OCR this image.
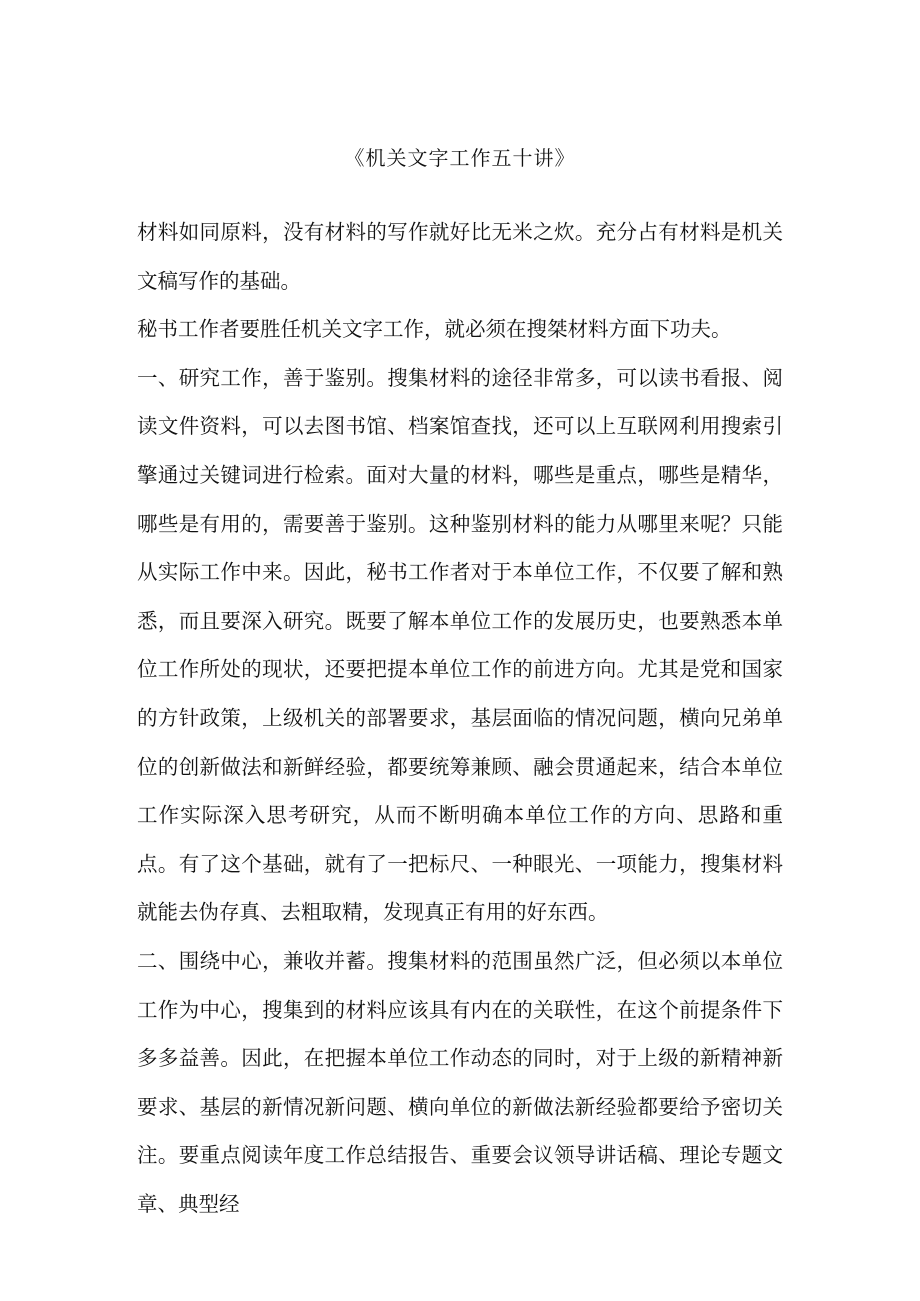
《机关文字工作五十讲》

材料如同原料，没有材料的写作就好比无米之炊。充分占有材料是机关文稿写作的基础。

秘书工作者要胜任机关文字工作，就必须在搜桀材料方面下功夫。

一、研究工作，善于鉴别。搜集材料的途径非常多，可以读书看报、阅读文件资料，可以去图书馆、档案馆查找，还可以上互联网利用搜索引擎通过关键词进行检索。面对大量的材料，哪些是重点，哪些是精华，哪些是有用的，需要善于鉴别。这种鉴别材料的能力从哪里来呢？只能从实际工作中来。因此，秘书工作者对于本单位工作，不仅要了解和熟悉，而且要深入研究。既要了解本单位工作的发展历史，也要熟悉本单位工作所处的现状，还要把提本单位工作的前进方向。尤其是党和国家的方针政策，上级机关的部署要求，基层面临的情况问题，横向兄弟单位的创新做法和新鲜经验，都要统筹兼顾、融会贯通起来，结合本单位工作实际深入思考研究，从而不断明确本单位工作的方向、思路和重点。有了这个基础，就有了一把标尺、一种眼光、一项能力，搜集材料就能去伪存真、去粗取精，发现真正有用的好东西。

二、围绕中心，兼收并蓄。搜集材料的范围虽然广泛，但必须以本单位工作为中心，搜集到的材料应该具有内在的关联性，在这个前提条件下多多益善。因此，在把握本单位工作动态的同时，对于上级的新精神新要求、基层的新情况新问题、横向单位的新做法新经验都要给予密切关注。要重点阅读年度工作总结报告、重要会议领导讲话稿、理论专题文章、典型经
